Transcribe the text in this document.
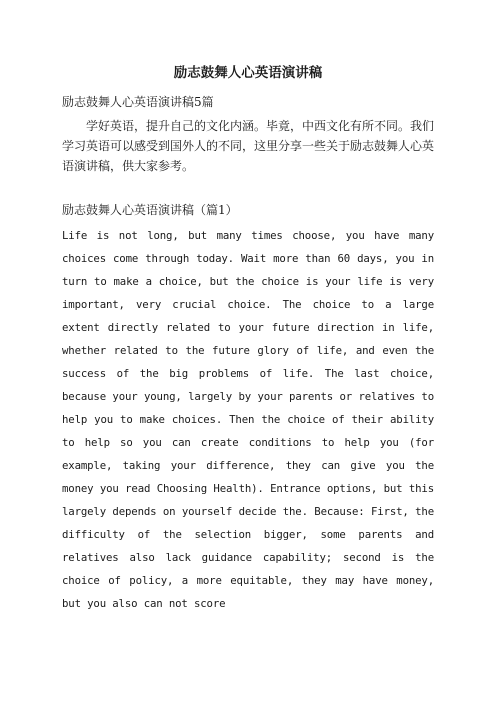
励志鼓舞人心英语演讲稿

励志鼓舞人心英语演讲稿5篇

学好英语，提升自己的文化内涵。毕竟，中西文化有所不同。我们学习英语可以感受到国外人的不同，这里分享一些关于励志鼓舞人心英语演讲稿，供大家参考。

励志鼓舞人心英语演讲稿（篇1）

Life is not long, but many times choose, you have many choices come through today. Wait more than 60 days, you in turn to make a choice, but the choice is your life is very important, very crucial choice. The choice to a large extent directly related to your future direction in life, whether related to the future glory of life, and even the success of the big problems of life. The last choice, because your young, largely by your parents or relatives to help you to make choices. Then the choice of their ability to help so you can create conditions to help you (for example, taking your difference, they can give you the money you read Choosing Health). Entrance options, but this largely depends on yourself decide the. Because: First, the difficulty of the selection bigger, some parents and relatives also lack guidance capability; second is the choice of policy, a more equitable, they may have money, but you also can not score
